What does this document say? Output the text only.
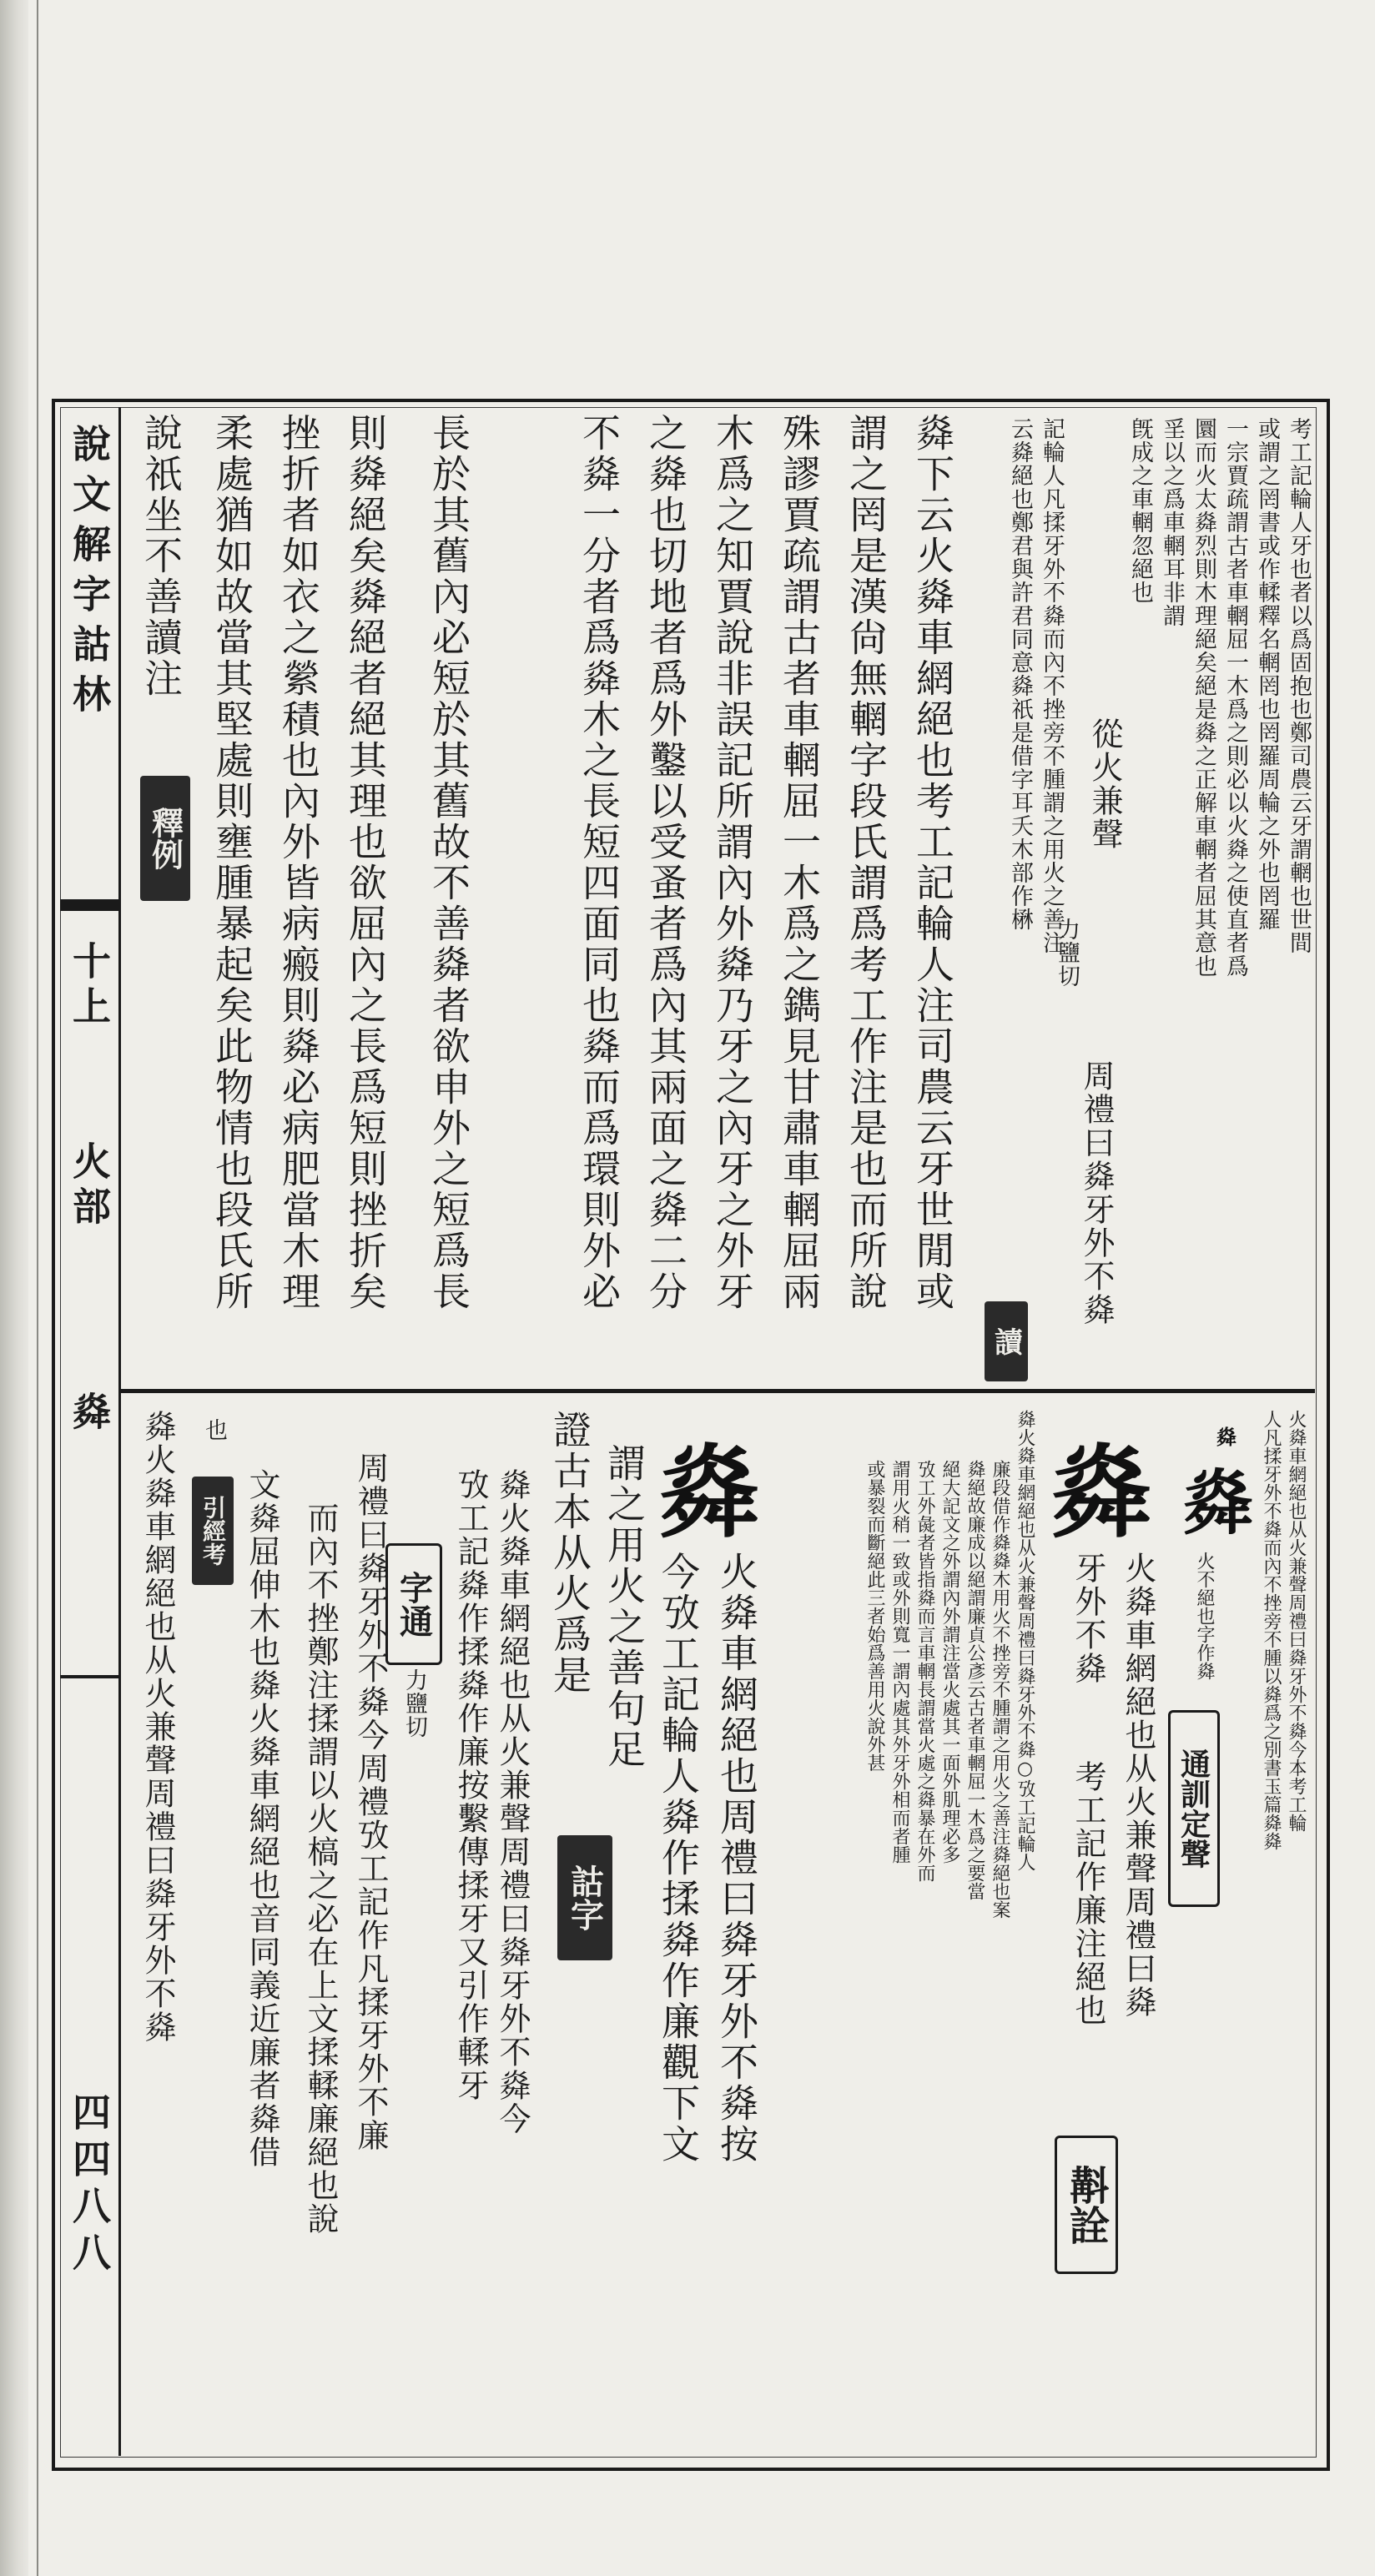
說文解字詁林
十上
火部
㷠
四四八八
考工記輪人牙也者以爲固抱也鄭司農云牙謂輞也世間
或謂之罔書或作輮釋名輞罔也罔羅周輪之外也罔羅
一宗賈疏謂古者車輞屈一木爲之則必以火㷠之使直者爲
圜而火太㷠烈則木理絕矣絕是㷠之正解車輞者屈其意也
㸒以之爲車輞耳非謂
旣成之車輞忽絕也
從火兼聲
力鹽切
周禮曰㷠牙外不㷠
記輪人凡揉牙外不㷠而內不挫旁不腫謂之用火之善注
云㷠絕也鄭君與許君同意㷠祇是借字耳夭木部作楙
讀
㷠下云火㷠車網絕也考工記輪人注司農云牙世閒或
謂之罔是漢尙無輞字段氏謂爲考工作注是也而所說
殊謬賈疏謂古者車輞屈一木爲之鐫見甘肅車輞屈兩
木爲之知賈說非誤記所謂內外㷠乃牙之內牙之外牙
之㷠也切地者爲外鑿以受蚤者爲內其兩面之㷠二分
不㷠一分者爲㷠木之長短四面同也㷠而爲環則外必
長於其舊內必短於其舊故不善㷠者欲申外之短爲長
則㷠絕矣㷠絕者絕其理也欲屈內之長爲短則挫折矣
挫折者如衣之縈積也內外皆病瘢則㷠必病肥當木理
柔處猶如故當其堅處則壅腫暴起矣此物情也段氏所
說祇坐不善讀注
釋例
㷠
㷠
火不絕也字作㷠	火㷠車網絕也从火兼聲周禮曰㷠牙外不㷠今本考工輪
人凡揉牙外不㷠而內不挫旁不腫以㷠爲之別書玉篇㷠㷠
通訓定聲
㷠
火㷠車網絕也从火兼聲周禮曰㷠
牙外不㷠
考工記作廉注絕也
斠詮
㷠火㷠車網絕也从火兼聲周禮曰㷠牙外不㷠○攷工記輪人
廉段借作㷠㷠木用火不挫旁不腫謂之用火之善注㷠絕也案
㷠絕故廉成以絕謂廉貞公彥云古者車輞屈一木爲之要當
絕大記文之外謂內外謂注當火處其一面外肌理必多
攷工外彘者皆指㷠而言車輞長謂當火處之㷠暴在外而
謂用火稍一致或外則寬一謂內處其外牙外相而者腫
或暴裂而斷絕此三者始爲善用火說外甚
㷠
火㷠車網絕也周禮曰㷠牙外不㷠按
今攷工記輪人㷠作揉㷠作廉觀下文
謂之用火之善句足
證古本从火爲是
詁字
㷠火㷠車網絕也从火兼聲周禮曰㷠牙外不㷠今
攷工記㷠作揉㷠作廉按繫傳揉牙又引作輮牙
字通
力鹽切
周禮曰㷠牙外不㷠今周禮攷工記作凡揉牙外不廉
而內不挫鄭注揉謂以火槁之必在上文揉輮廉絕也說
也
引經考 文㷠屈伸木也㷠火㷠車網絕也音同義近廉者㷠借
㷠火㷠車網絕也从火兼聲周禮曰㷠牙外不㷠
